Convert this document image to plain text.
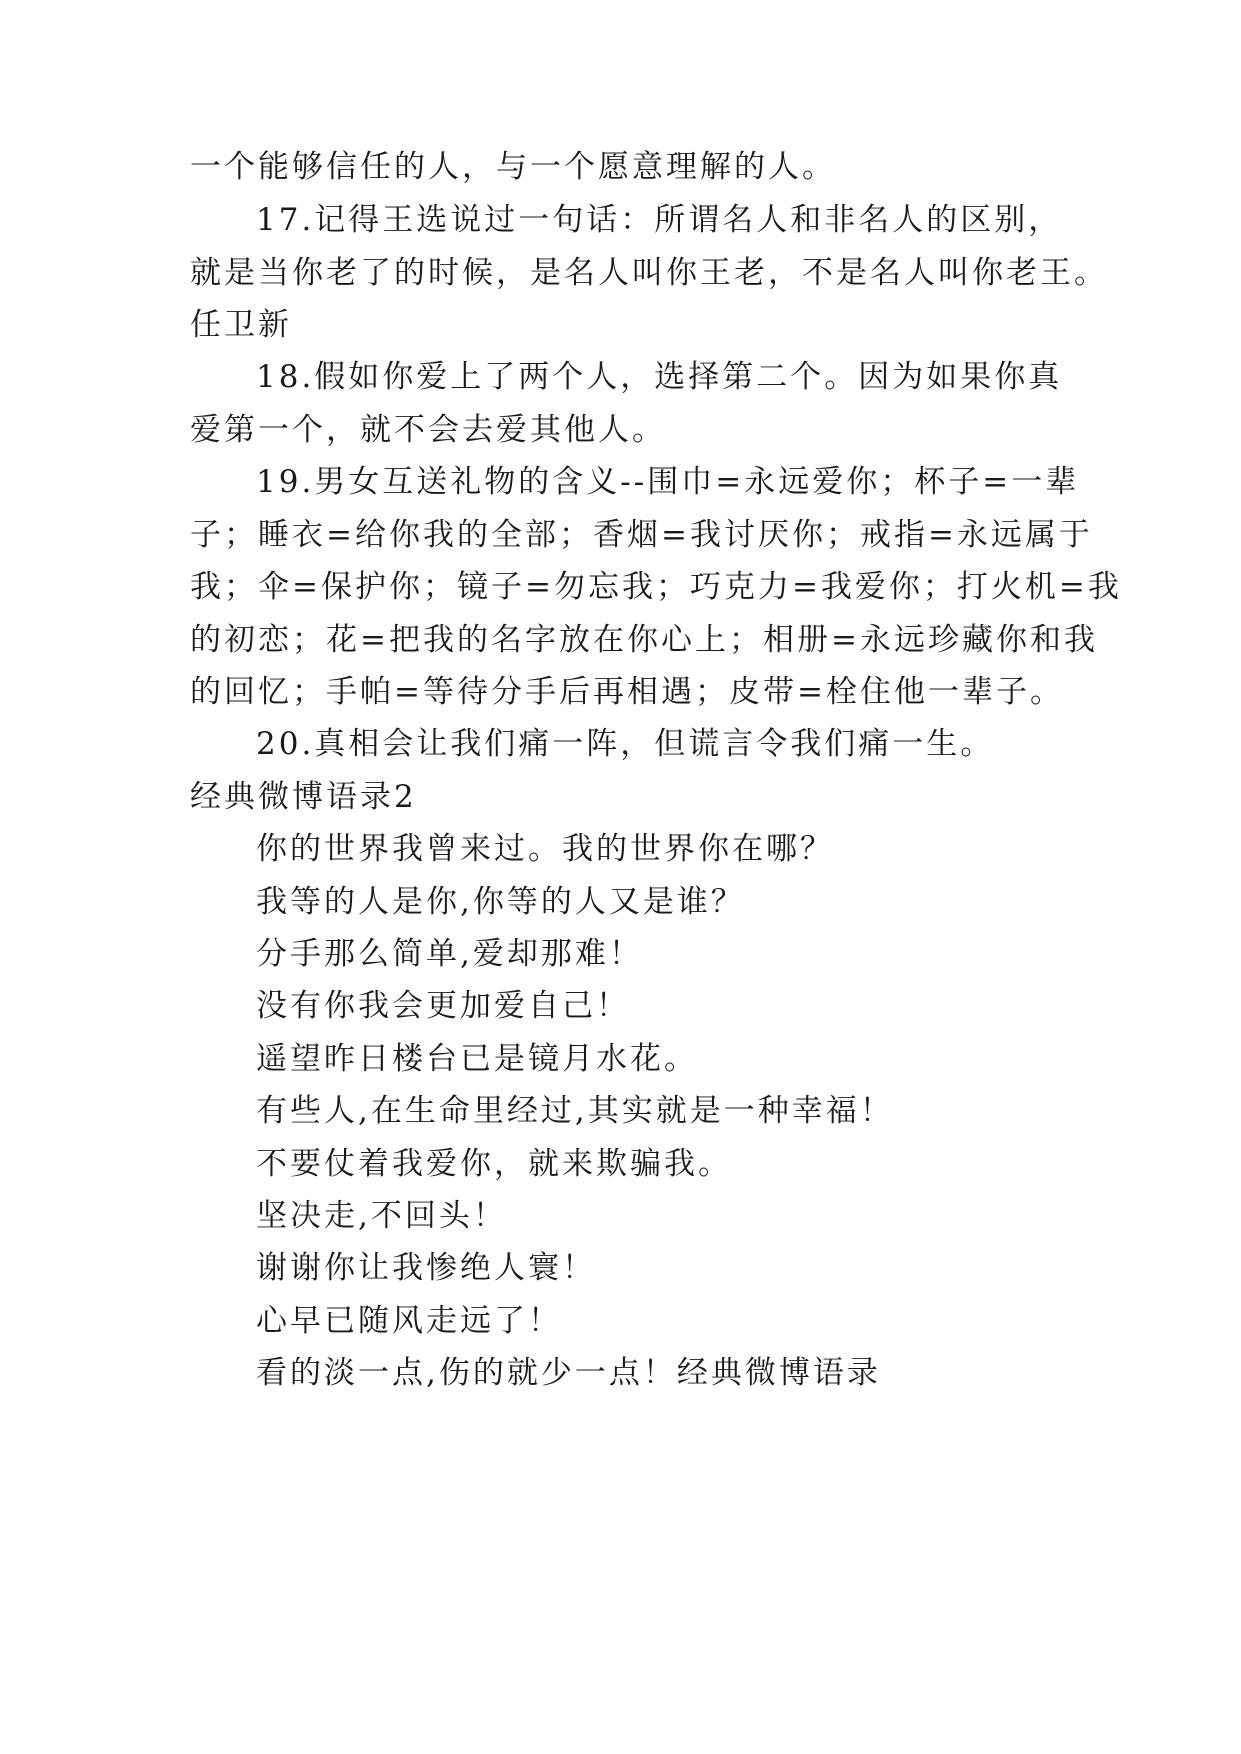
一个能够信任的人，与一个愿意理解的人。
17.记得王选说过一句话：所谓名人和非名人的区别，
就是当你老了的时候，是名人叫你王老，不是名人叫你老王。
任卫新
18.假如你爱上了两个人，选择第二个。因为如果你真
爱第一个，就不会去爱其他人。
19.男女互送礼物的含义--围巾=永远爱你；杯子=一辈
子；睡衣=给你我的全部；香烟=我讨厌你；戒指=永远属于
我；伞=保护你；镜子=勿忘我；巧克力=我爱你；打火机=我
的初恋；花=把我的名字放在你心上；相册=永远珍藏你和我
的回忆；手帕=等待分手后再相遇；皮带=栓住他一辈子。
20.真相会让我们痛一阵，但谎言令我们痛一生。
经典微博语录2
你的世界我曾来过。我的世界你在哪？
我等的人是你,你等的人又是谁？
分手那么简单,爱却那难！
没有你我会更加爱自己！
遥望昨日楼台已是镜月水花。
有些人,在生命里经过,其实就是一种幸福！
不要仗着我爱你，就来欺骗我。
坚决走,不回头！
谢谢你让我惨绝人寰！
心早已随风走远了！
看的淡一点,伤的就少一点！经典微博语录
